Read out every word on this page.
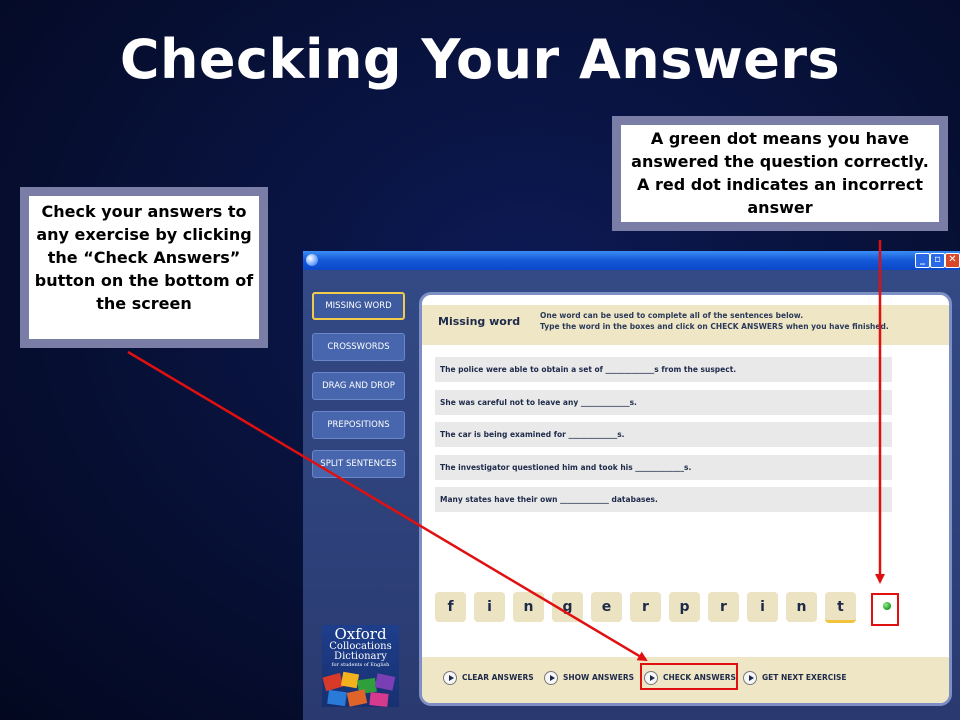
Checking Your Answers
Check your answers to any exercise by clicking the “Check Answers” button on the bottom of the screen
A green dot means you have answered the question correctly. A red dot indicates an incorrect answer
_ ▫ ✕
MISSING WORD
CROSSWORDS
DRAG AND DROP
PREPOSITIONS
SPLIT SENTENCES
Oxford
Collocations
Dictionary
for students of English
Missing word	One word can be used to complete all of the sentences below.
Type the word in the boxes and click on CHECK ANSWERS when you have finished.
The police were able to obtain a set of _____________s from the suspect.
She was careful not to leave any _____________s.
The car is being examined for _____________s.
The investigator questioned him and took his _____________s.
Many states have their own _____________ databases.
f	i	n	g	e	r	p	r	i	n	t
CLEAR ANSWERS	SHOW ANSWERS	CHECK ANSWERS	GET NEXT EXERCISE
